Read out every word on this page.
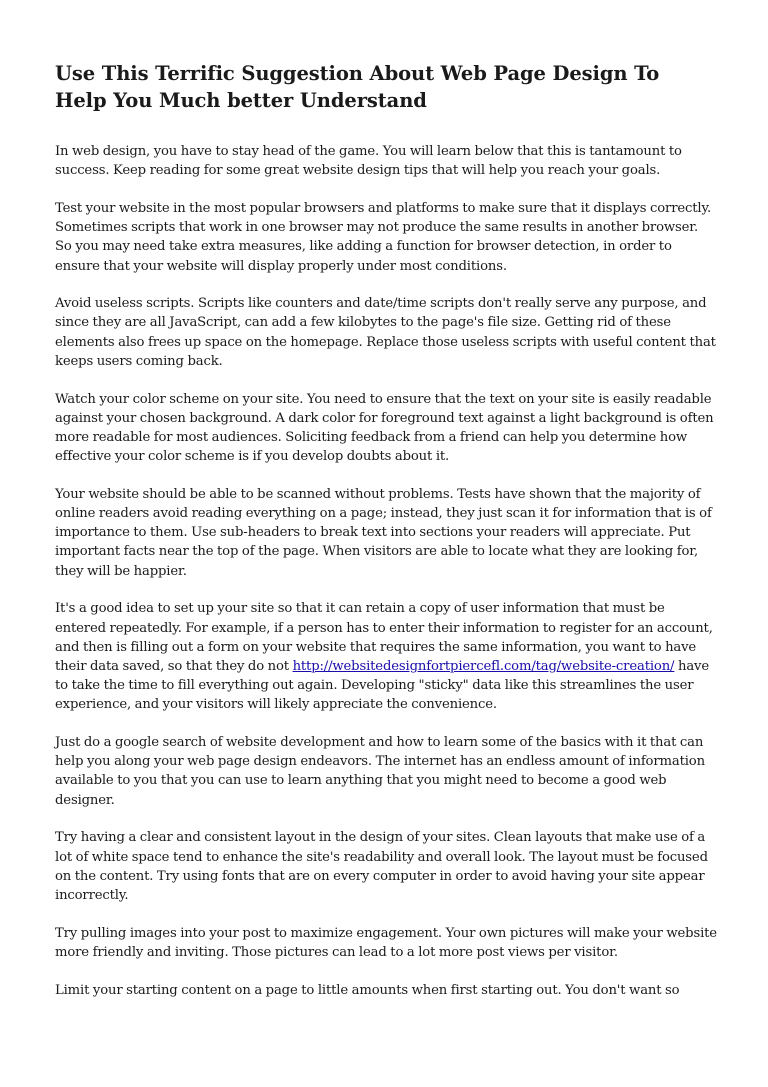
Use This Terrific Suggestion About Web Page Design To Help You Much better Understand

In web design, you have to stay head of the game. You will learn below that this is tantamount to success. Keep reading for some great website design tips that will help you reach your goals.

Test your website in the most popular browsers and platforms to make sure that it displays correctly. Sometimes scripts that work in one browser may not produce the same results in another browser. So you may need take extra measures, like adding a function for browser detection, in order to ensure that your website will display properly under most conditions.

Avoid useless scripts. Scripts like counters and date/time scripts don't really serve any purpose, and since they are all JavaScript, can add a few kilobytes to the page's file size. Getting rid of these elements also frees up space on the homepage. Replace those useless scripts with useful content that keeps users coming back.

Watch your color scheme on your site. You need to ensure that the text on your site is easily readable against your chosen background. A dark color for foreground text against a light background is often more readable for most audiences. Soliciting feedback from a friend can help you determine how effective your color scheme is if you develop doubts about it.

Your website should be able to be scanned without problems. Tests have shown that the majority of online readers avoid reading everything on a page; instead, they just scan it for information that is of importance to them. Use sub-headers to break text into sections your readers will appreciate. Put important facts near the top of the page. When visitors are able to locate what they are looking for, they will be happier.

It's a good idea to set up your site so that it can retain a copy of user information that must be entered repeatedly. For example, if a person has to enter their information to register for an account, and then is filling out a form on your website that requires the same information, you want to have their data saved, so that they do not http://websitedesignfortpiercefl.com/tag/website-creation/ have to take the time to fill everything out again. Developing "sticky" data like this streamlines the user experience, and your visitors will likely appreciate the convenience.

Just do a google search of website development and how to learn some of the basics with it that can help you along your web page design endeavors. The internet has an endless amount of information available to you that you can use to learn anything that you might need to become a good web designer.

Try having a clear and consistent layout in the design of your sites. Clean layouts that make use of a lot of white space tend to enhance the site's readability and overall look. The layout must be focused on the content. Try using fonts that are on every computer in order to avoid having your site appear incorrectly.

Try pulling images into your post to maximize engagement. Your own pictures will make your website more friendly and inviting. Those pictures can lead to a lot more post views per visitor.

Limit your starting content on a page to little amounts when first starting out. You don't want so
